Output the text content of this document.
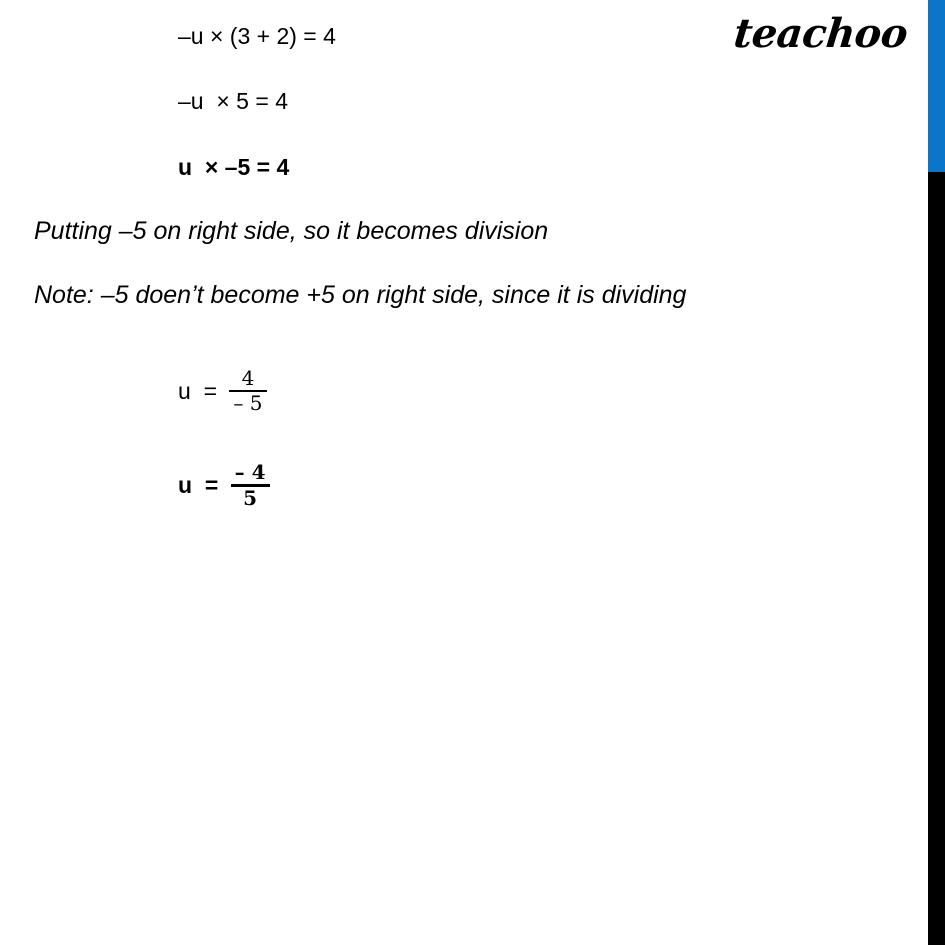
–u × (3 + 2) = 4
–u  × 5 = 4
u  × –5 = 4
Putting –5 on right side, so it becomes division
Note: –5 doen’t become +5 on right side, since it is dividing
$u = \frac{4}{- 5}$
$u = \frac{- 4}{5}$
teachoo
